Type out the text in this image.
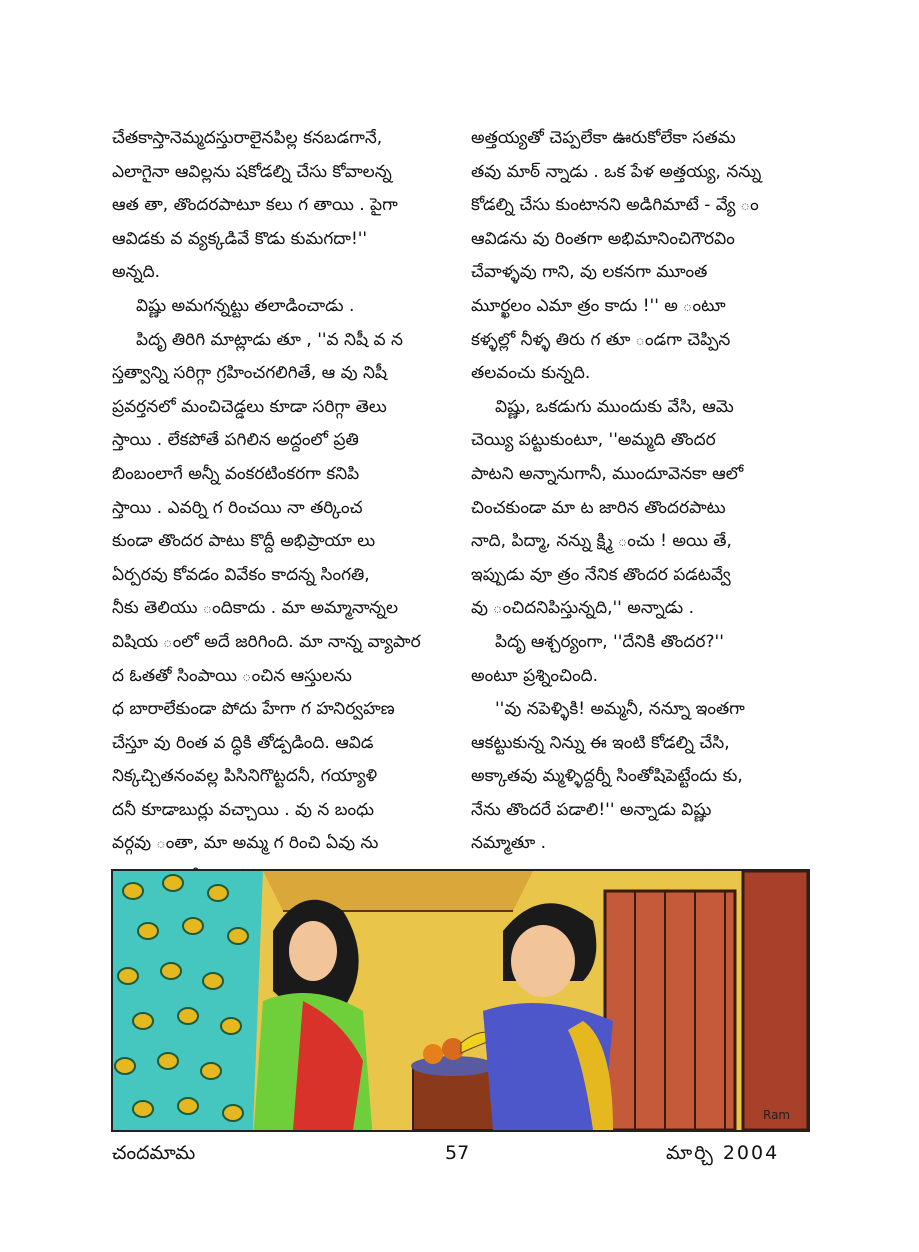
చేతకాస్తానెమ్మదస్తురాలైనపిల్ల కనబడగానే,
ఎలాగైనా ఆవిల్లను షకోడల్ని చేసు కోవాలన్న
ఆత తా, తొందరపాటూ కలు గ తాయి . పైగా
ఆవిడకు వ వ్యక్కడివే కొడు కుమగదా!''
అన్నది.
విష్ణు అమగన్నట్టు తలాడించాడు .
పిదృ తిరిగి మాట్లాడు తూ , ''వ నిషీ వ న
స్తత్వాన్ని సరిగ్గా గ్రహించగలిగితే, ఆ వు నిషీ
ప్రవర్తనలో మంచిచెడ్డలు కూడా సరిగ్గా తెలు
స్తాయి . లేకపోతే పగిలిన అద్దంలో ప్రతి
బింబంలాగే అన్నీ వంకరటింకరగా కనిపి
స్తాయి . ఎవర్ని గ రించయి నా తర్కించ
కుండా తొందర పాటు కొద్దీ అభిప్రాయా లు
ఏర్పరవు కోవడం వివేకం కాదన్న సింగతి,
నీకు తెలియు ందికాదు . మా అమ్మానాన్నల
విషియ ంలో అదే జరిగింది. మా నాన్న వ్యాపార
ద ఓతతో సింపాయి ంచిన ఆస్తులను
ధ బారాలేకుండా పోదు హేగా గ హనిర్వహణ
చేస్తూ వు రింత వ ద్ధికి తోడ్పడింది. ఆవిడ
నిక్కచ్చితనంవల్ల పిసినిగొట్టదనీ, గయ్యాళి
దనీ కూడాబుర్లు వచ్చాయి . వు న బంధు
వర్గవు ంతా, మా అమ్మ గ రించి ఏవు ను
అత్తయ్యతో చెప్పలేకా ఊరుకోలేకా సతమ
తవు మాఠ్ న్నాడు . ఒక పేళ అత్తయ్య, నన్ను
కోడల్ని చేసు కుంటానని అడిగిమాటే - వ్యే ం
ఆవిడను వు రింతగా అభిమానించిగౌరవిం
చేవాళ్ళవు గాని, వు లకనగా మూంత
మూర్ఖలం ఎమా త్రం కాదు !'' అ ంటూ
కళ్ళల్లో నీళ్ళ తిరు గ తూ ండగా చెప్పిన
తలవంచు కున్నది.
విష్ణు, ఒకడుగు ముందుకు వేసి, ఆమె
చెయ్యి పట్టుకుంటూ, ''అమ్మది తొందర
పాటని అన్నానుగానీ, ముందూవెనకా ఆలో
చించకుండా మా ట జారిన తొందరపాటు
నాది, పిద్మా, నన్ను క్ష్మి ంచు ! అయి తే,
ఇప్పుడు వూ త్రం నేనిక తొందర పడటవ్వే
వు ంచిదనిపిస్తున్నది,'' అన్నాడు .
పిదృ ఆశ్చర్యంగా, ''దేనికి తొందర?''
అంటూ ప్రశ్నించింది.
''వు నపెళ్ళికి! అమ్మనీ, నన్నూ ఇంతగా
ఆకట్టుకున్న నిన్ను ఈ ఇంటి కోడల్ని చేసి,
అక్కాతవు మ్మళ్ళిద్దర్నీ సింతోషిపెట్టేందు కు,
నేను తొందరే పడాలి!'' అన్నాడు విష్ణు
నమ్మాతూ .
Ram
చందమామ	57	మార్చి 2004
